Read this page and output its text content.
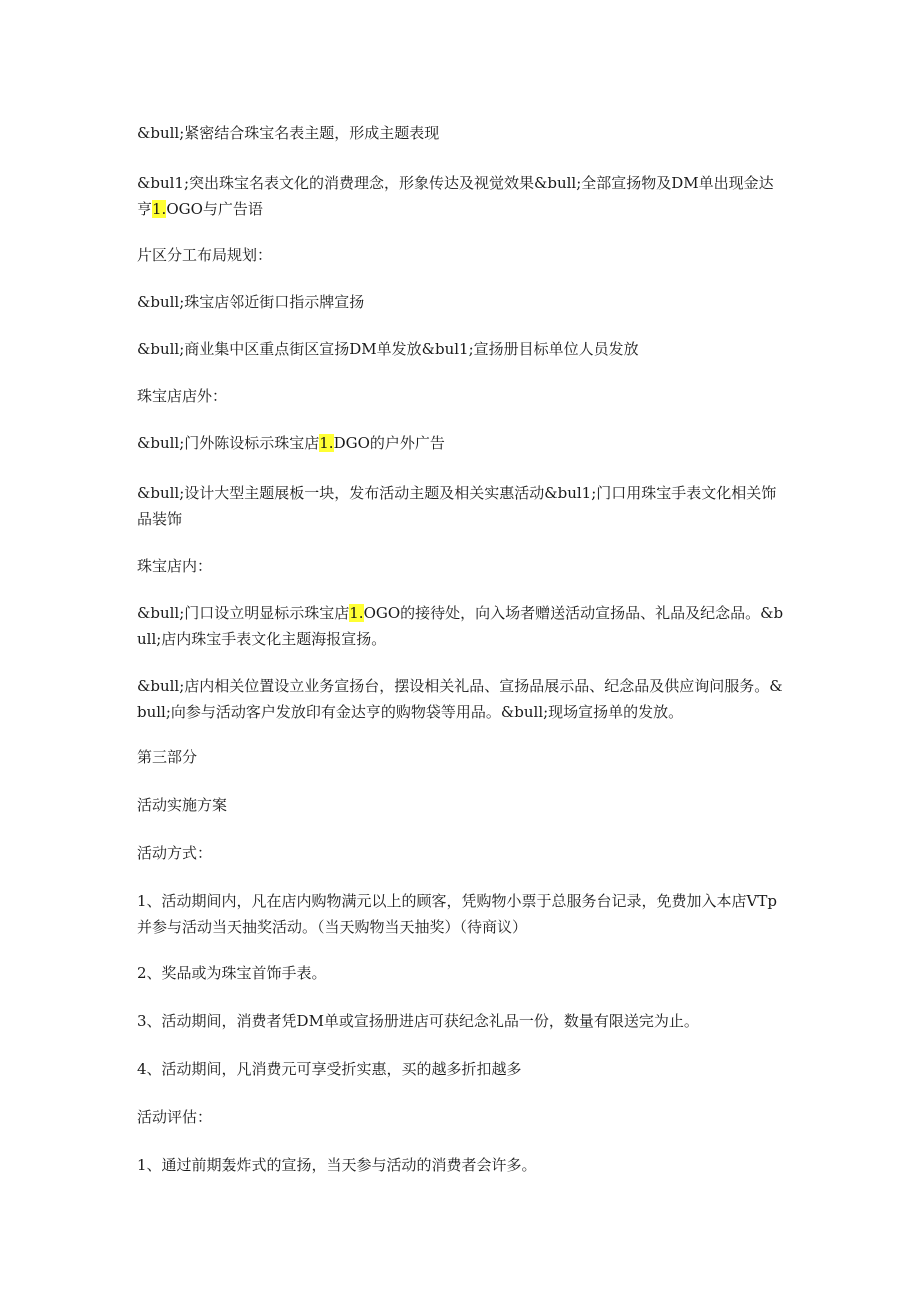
&bull;紧密结合珠宝名表主题，形成主题表现

&bul1;突出珠宝名表文化的消费理念，形象传达及视觉效果&bull;全部宣扬物及DM单出现金达亨1.OGO与广告语

片区分工布局规划：

&bull;珠宝店邻近街口指示牌宣扬

&bull;商业集中区重点街区宣扬DM单发放&bul1;宣扬册目标单位人员发放

珠宝店店外：

&bull;门外陈设标示珠宝店1.DGO的户外广告

&bull;设计大型主题展板一块，发布活动主题及相关实惠活动&bul1;门口用珠宝手表文化相关饰品装饰

珠宝店内：

&bull;门口设立明显标示珠宝店1.OGO的接待处，向入场者赠送活动宣扬品、礼品及纪念品。&bull;店内珠宝手表文化主题海报宣扬。

&bull;店内相关位置设立业务宣扬台，摆设相关礼品、宣扬品展示品、纪念品及供应询问服务。&bull;向参与活动客户发放印有金达亨的购物袋等用品。&bull;现场宣扬单的发放。

第三部分

活动实施方案

活动方式：

1、活动期间内，凡在店内购物满元以上的顾客，凭购物小票于总服务台记录，免费加入本店VTp并参与活动当天抽奖活动。（当天购物当天抽奖）（待商议）

2、奖品或为珠宝首饰手表。

3、活动期间，消费者凭DM单或宣扬册进店可获纪念礼品一份，数量有限送完为止。

4、活动期间，凡消费元可享受折实惠，买的越多折扣越多

活动评估：

1、通过前期轰炸式的宣扬，当天参与活动的消费者会许多。
